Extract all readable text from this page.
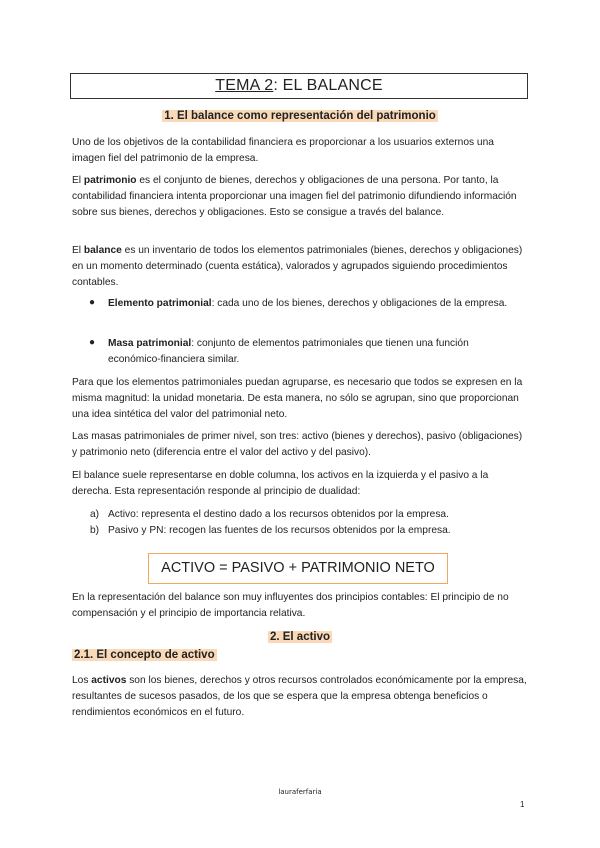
TEMA 2: EL BALANCE
1. El balance como representación del patrimonio

Uno de los objetivos de la contabilidad financiera es proporcionar a los usuarios externos una imagen fiel del patrimonio de la empresa.

El patrimonio es el conjunto de bienes, derechos y obligaciones de una persona. Por tanto, la contabilidad financiera intenta proporcionar una imagen fiel del patrimonio difundiendo información sobre sus bienes, derechos y obligaciones. Esto se consigue a través del balance.

El balance es un inventario de todos los elementos patrimoniales (bienes, derechos y obligaciones) en un momento determinado (cuenta estática), valorados y agrupados siguiendo procedimientos contables.

● Elemento patrimonial: cada uno de los bienes, derechos y obligaciones de la empresa.

● Masa patrimonial: conjunto de elementos patrimoniales que tienen una función económico-financiera similar.

Para que los elementos patrimoniales puedan agruparse, es necesario que todos se expresen en la misma magnitud: la unidad monetaria. De esta manera, no sólo se agrupan, sino que proporcionan una idea sintética del valor del patrimonial neto.

Las masas patrimoniales de primer nivel, son tres: activo (bienes y derechos), pasivo (obligaciones) y patrimonio neto (diferencia entre el valor del activo y del pasivo).

El balance suele representarse en doble columna, los activos en la izquierda y el pasivo a la derecha. Esta representación responde al principio de dualidad:

a) Activo: representa el destino dado a los recursos obtenidos por la empresa.

b) Pasivo y PN: recogen las fuentes de los recursos obtenidos por la empresa.

ACTIVO = PASIVO + PATRIMONIO NETO

En la representación del balance son muy influyentes dos principios contables: El principio de no compensación y el principio de importancia relativa.

2. El activo
2.1. El concepto de activo

Los activos son los bienes, derechos y otros recursos controlados económicamente por la empresa, resultantes de sucesos pasados, de los que se espera que la empresa obtenga beneficios o rendimientos económicos en el futuro.

lauraferfaria
1
